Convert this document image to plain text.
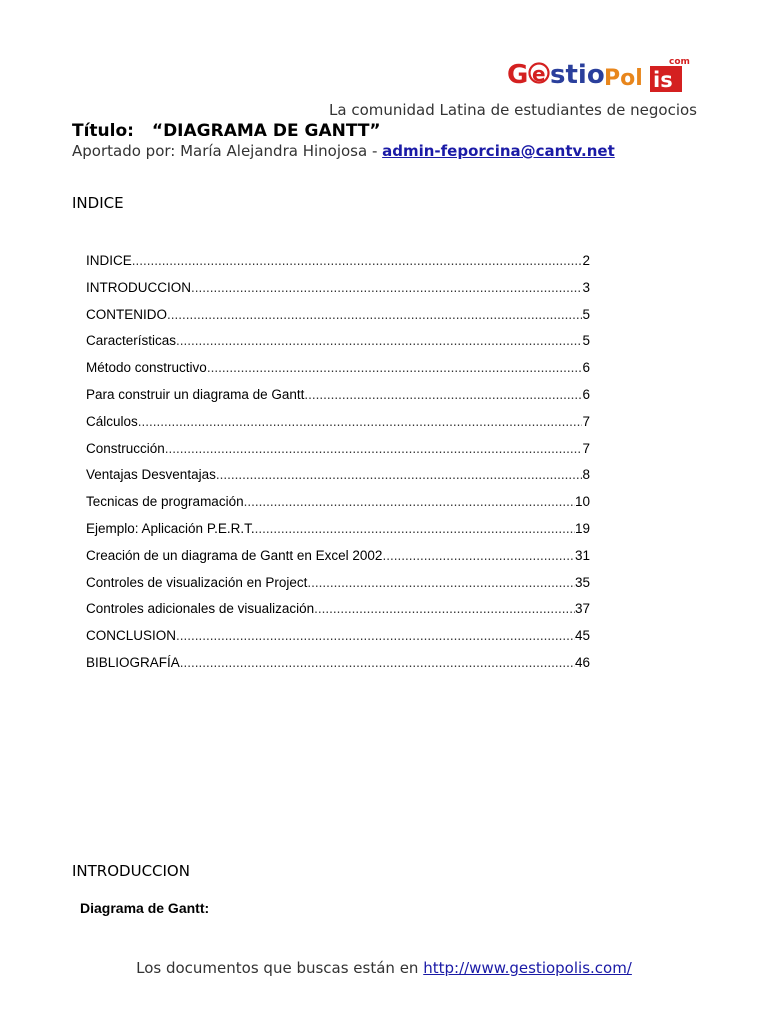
G e stio Pol is
com
La comunidad Latina de estudiantes de negocios
Título: “DIAGRAMA DE GANTT”
Aportado por: María Alejandra Hinojosa - admin-feporcina@cantv.net
INDICE
INDICE .....	2
INTRODUCCION .....	3
CONTENIDO .....	5
Características .....	5
Método constructivo .....	6
Para construir un diagrama de Gantt .....	6
Cálculos .....	7
Construcción .....	7
Ventajas Desventajas .....	8
Tecnicas de programación .....	10
Ejemplo: Aplicación P.E.R.T. .....	19
Creación de un diagrama de Gantt en Excel 2002 .....	31
Controles de visualización en Project .....	35
Controles adicionales de visualización .....	37
CONCLUSION .....	45
BIBLIOGRAFÍA .....	46
INTRODUCCION
Diagrama de Gantt:
Los documentos que buscas están en http://www.gestiopolis.com/
